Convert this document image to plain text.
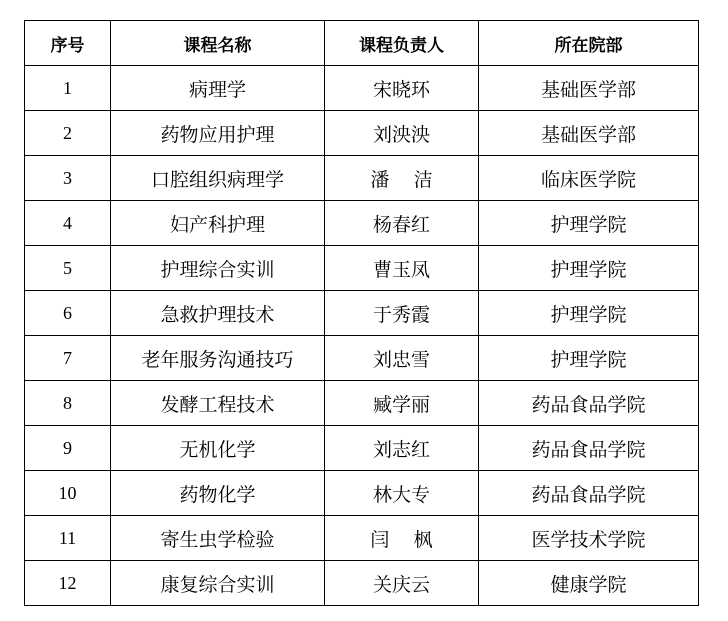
序号	课程名称	课程负责人	所在院部
1	病理学	宋晓环	基础医学部
2	药物应用护理	刘泱泱	基础医学部
3	口腔组织病理学	潘    洁	临床医学院
4	妇产科护理	杨春红	护理学院
5	护理综合实训	曹玉凤	护理学院
6	急救护理技术	于秀霞	护理学院
7	老年服务沟通技巧	刘忠雪	护理学院
8	发酵工程技术	臧学丽	药品食品学院
9	无机化学	刘志红	药品食品学院
10	药物化学	林大专	药品食品学院
11	寄生虫学检验	闫    枫	医学技术学院
12	康复综合实训	关庆云	健康学院
